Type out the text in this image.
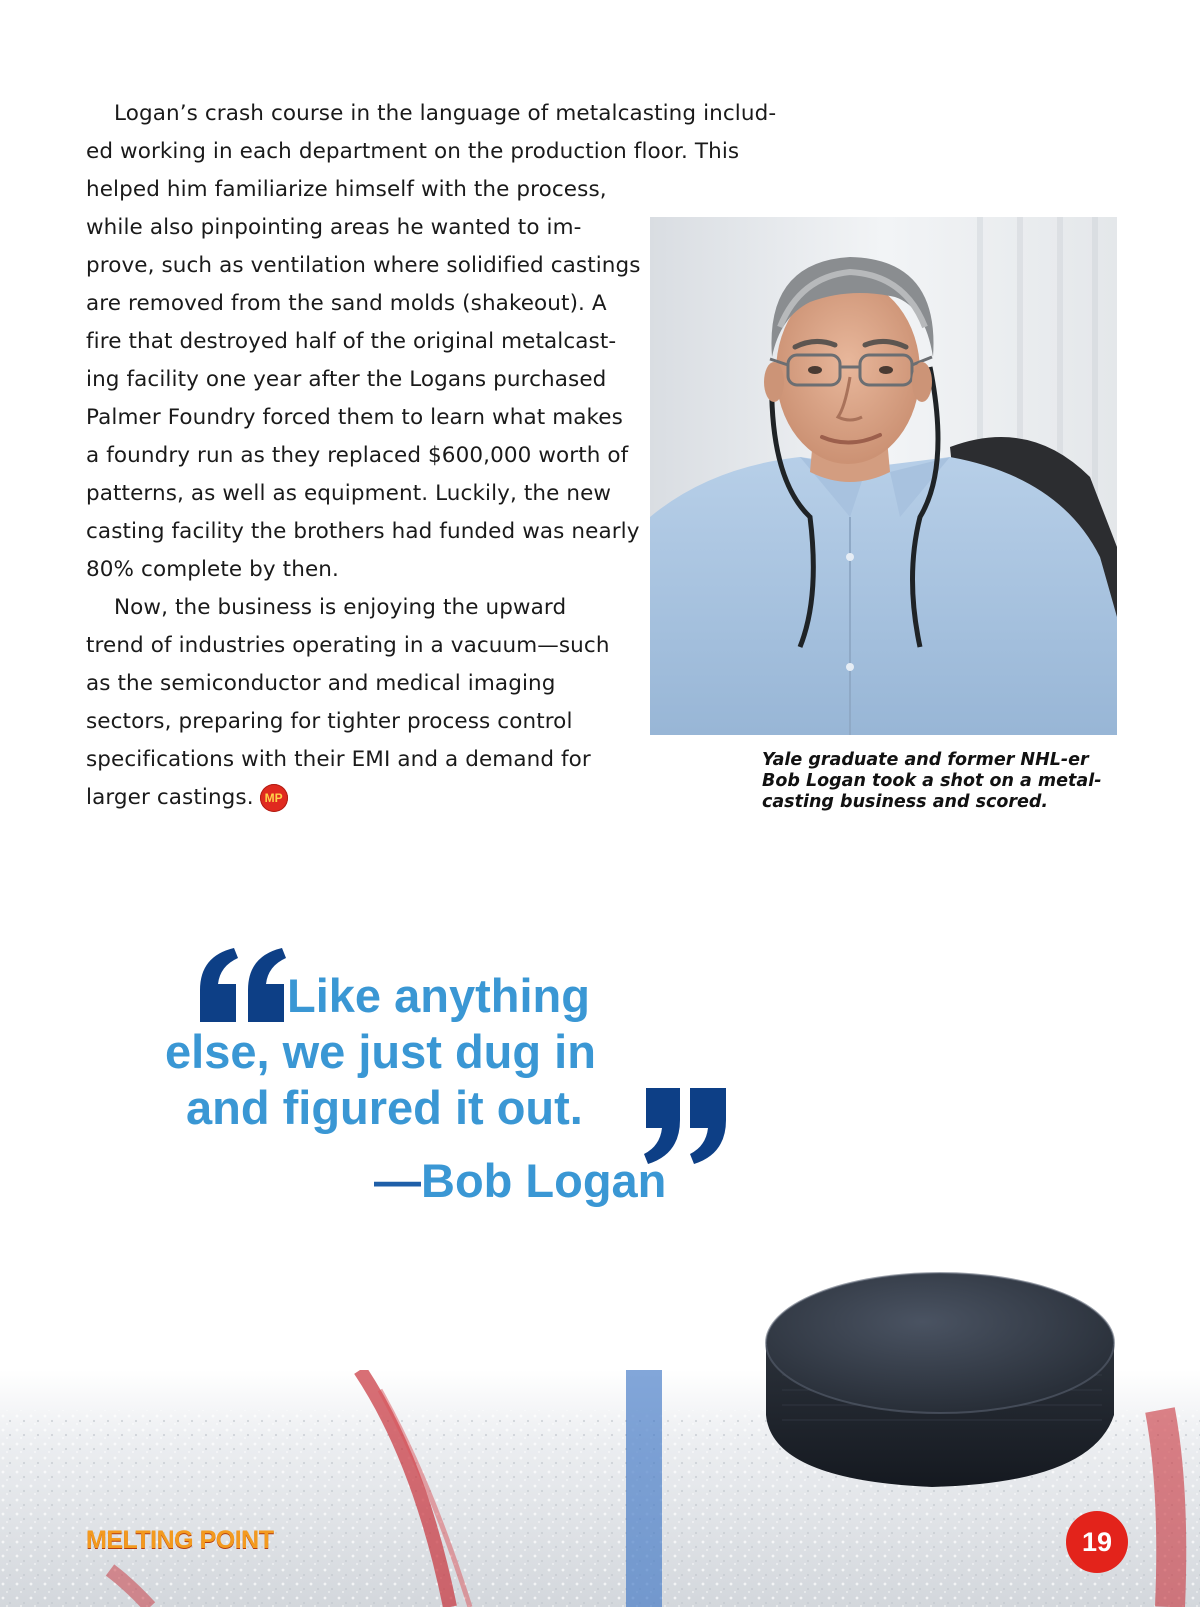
Logan’s crash course in the language of metalcasting includ-
ed working in each department on the production floor. This
helped him familiarize himself with the process,
while also pinpointing areas he wanted to im-
prove, such as ventilation where solidified castings
are removed from the sand molds (shakeout). A
fire that destroyed half of the original metalcast-
ing facility one year after the Logans purchased
Palmer Foundry forced them to learn what makes
a foundry run as they replaced $600,000 worth of
patterns, as well as equipment. Luckily, the new
casting facility the brothers had funded was nearly
80% complete by then.
Now, the business is enjoying the upward
trend of industries operating in a vacuum—such
as the semiconductor and medical imaging
sectors, preparing for tighter process control
specifications with their EMI and a demand for
larger castings. MP
Yale graduate and former NHL-er
Bob Logan took a shot on a metal-
casting business and scored.
Like anything
else, we just dug in
and figured it out.
—Bob Logan
MELTING POINT	19
